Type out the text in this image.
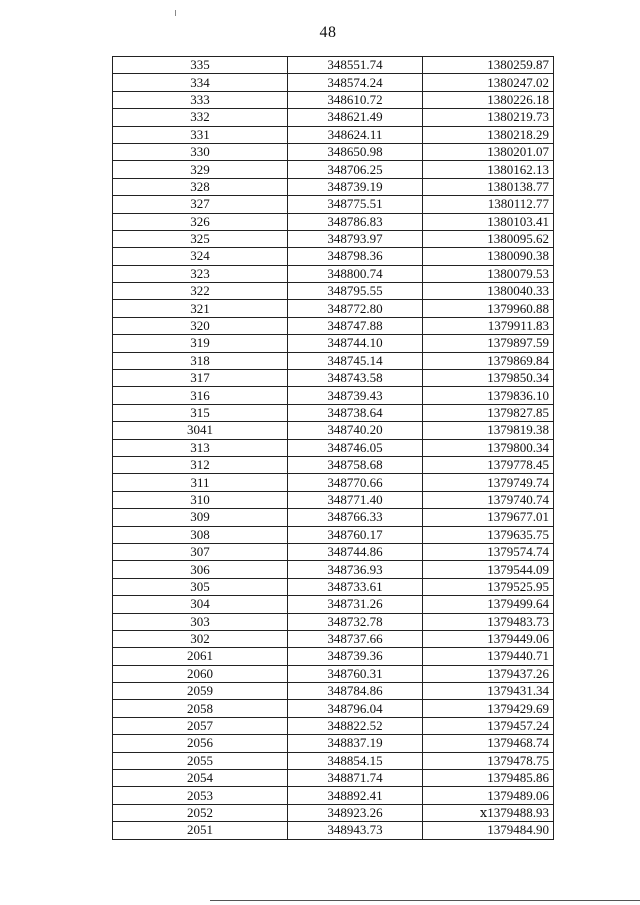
48
335	348551.74	1380259.87
334	348574.24	1380247.02
333	348610.72	1380226.18
332	348621.49	1380219.73
331	348624.11	1380218.29
330	348650.98	1380201.07
329	348706.25	1380162.13
328	348739.19	1380138.77
327	348775.51	1380112.77
326	348786.83	1380103.41
325	348793.97	1380095.62
324	348798.36	1380090.38
323	348800.74	1380079.53
322	348795.55	1380040.33
321	348772.80	1379960.88
320	348747.88	1379911.83
319	348744.10	1379897.59
318	348745.14	1379869.84
317	348743.58	1379850.34
316	348739.43	1379836.10
315	348738.64	1379827.85
3041	348740.20	1379819.38
313	348746.05	1379800.34
312	348758.68	1379778.45
311	348770.66	1379749.74
310	348771.40	1379740.74
309	348766.33	1379677.01
308	348760.17	1379635.75
307	348744.86	1379574.74
306	348736.93	1379544.09
305	348733.61	1379525.95
304	348731.26	1379499.64
303	348732.78	1379483.73
302	348737.66	1379449.06
2061	348739.36	1379440.71
2060	348760.31	1379437.26
2059	348784.86	1379431.34
2058	348796.04	1379429.69
2057	348822.52	1379457.24
2056	348837.19	1379468.74
2055	348854.15	1379478.75
2054	348871.74	1379485.86
2053	348892.41	1379489.06
2052	348923.26	ⅹ1379488.93
2051	348943.73	1379484.90
